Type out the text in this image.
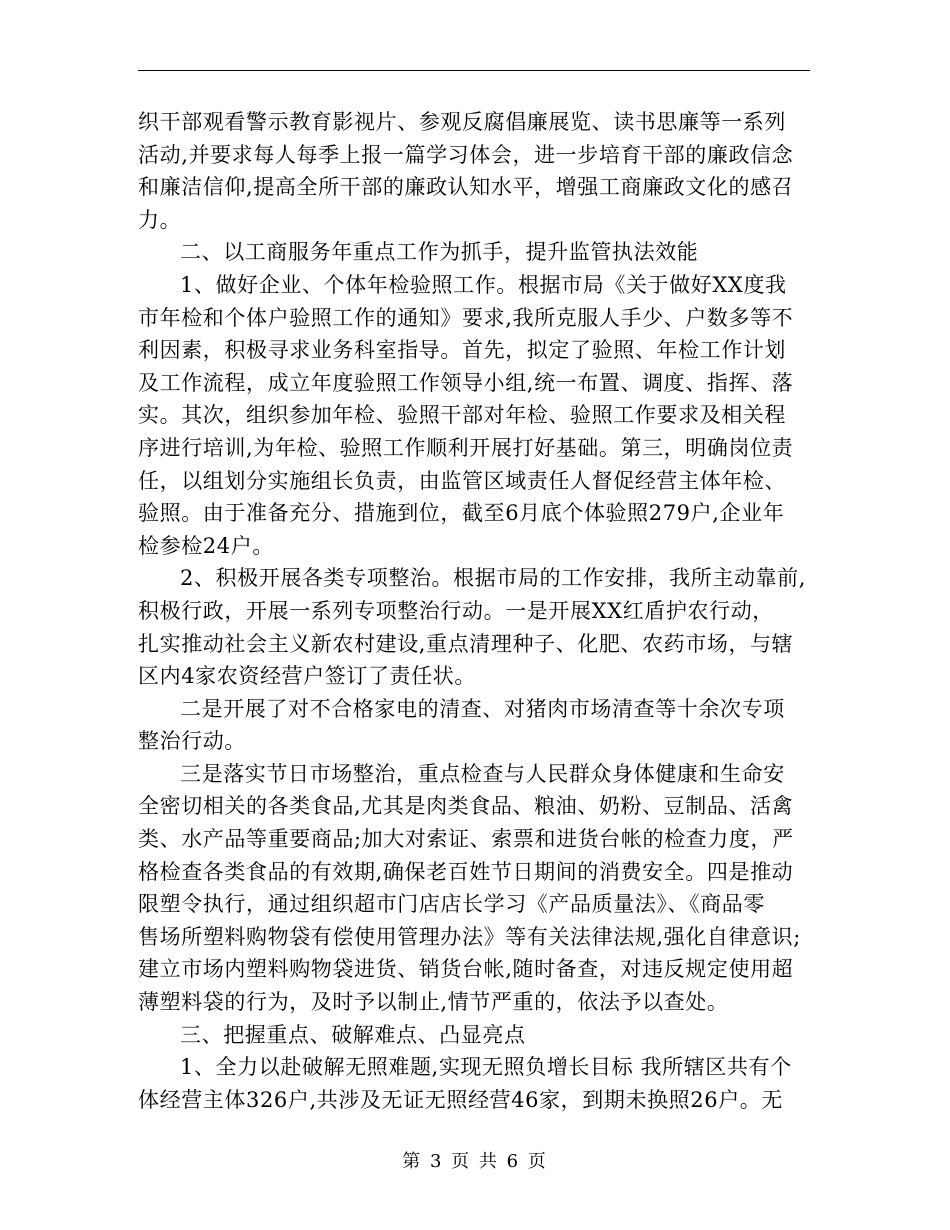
织干部观看警示教育影视片、参观反腐倡廉展览、读书思廉等一系列
活动,并要求每人每季上报一篇学习体会，进一步培育干部的廉政信念
和廉洁信仰,提高全所干部的廉政认知水平，增强工商廉政文化的感召
力。
二、以工商服务年重点工作为抓手，提升监管执法效能
1、做好企业、个体年检验照工作。根据市局《关于做好XX度我
市年检和个体户验照工作的通知》要求,我所克服人手少、户数多等不
利因素，积极寻求业务科室指导。首先，拟定了验照、年检工作计划
及工作流程，成立年度验照工作领导小组,统一布置、调度、指挥、落
实。其次，组织参加年检、验照干部对年检、验照工作要求及相关程
序进行培训,为年检、验照工作顺利开展打好基础。第三，明确岗位责
任，以组划分实施组长负责，由监管区域责任人督促经营主体年检、
验照。由于准备充分、措施到位，截至6月底个体验照279户,企业年
检参检24户。
2、积极开展各类专项整治。根据市局的工作安排，我所主动靠前,
积极行政，开展一系列专项整治行动。一是开展XX红盾护农行动，
扎实推动社会主义新农村建设,重点清理种子、化肥、农药市场，与辖
区内4家农资经营户签订了责任状。
二是开展了对不合格家电的清查、对猪肉市场清查等十余次专项
整治行动。
三是落实节日市场整治，重点检查与人民群众身体健康和生命安
全密切相关的各类食品,尤其是肉类食品、粮油、奶粉、豆制品、活禽
类、水产品等重要商品;加大对索证、索票和进货台帐的检查力度，严
格检查各类食品的有效期,确保老百姓节日期间的消费安全。四是推动
限塑令执行，通过组织超市门店店长学习《产品质量法》、《商品零
售场所塑料购物袋有偿使用管理办法》等有关法律法规,强化自律意识;
建立市场内塑料购物袋进货、销货台帐,随时备查，对违反规定使用超
薄塑料袋的行为，及时予以制止,情节严重的，依法予以查处。
三、把握重点、破解难点、凸显亮点
1、全力以赴破解无照难题,实现无照负增长目标 我所辖区共有个
体经营主体326户,共涉及无证无照经营46家，到期未换照26户。无
第 3 页 共 6 页
